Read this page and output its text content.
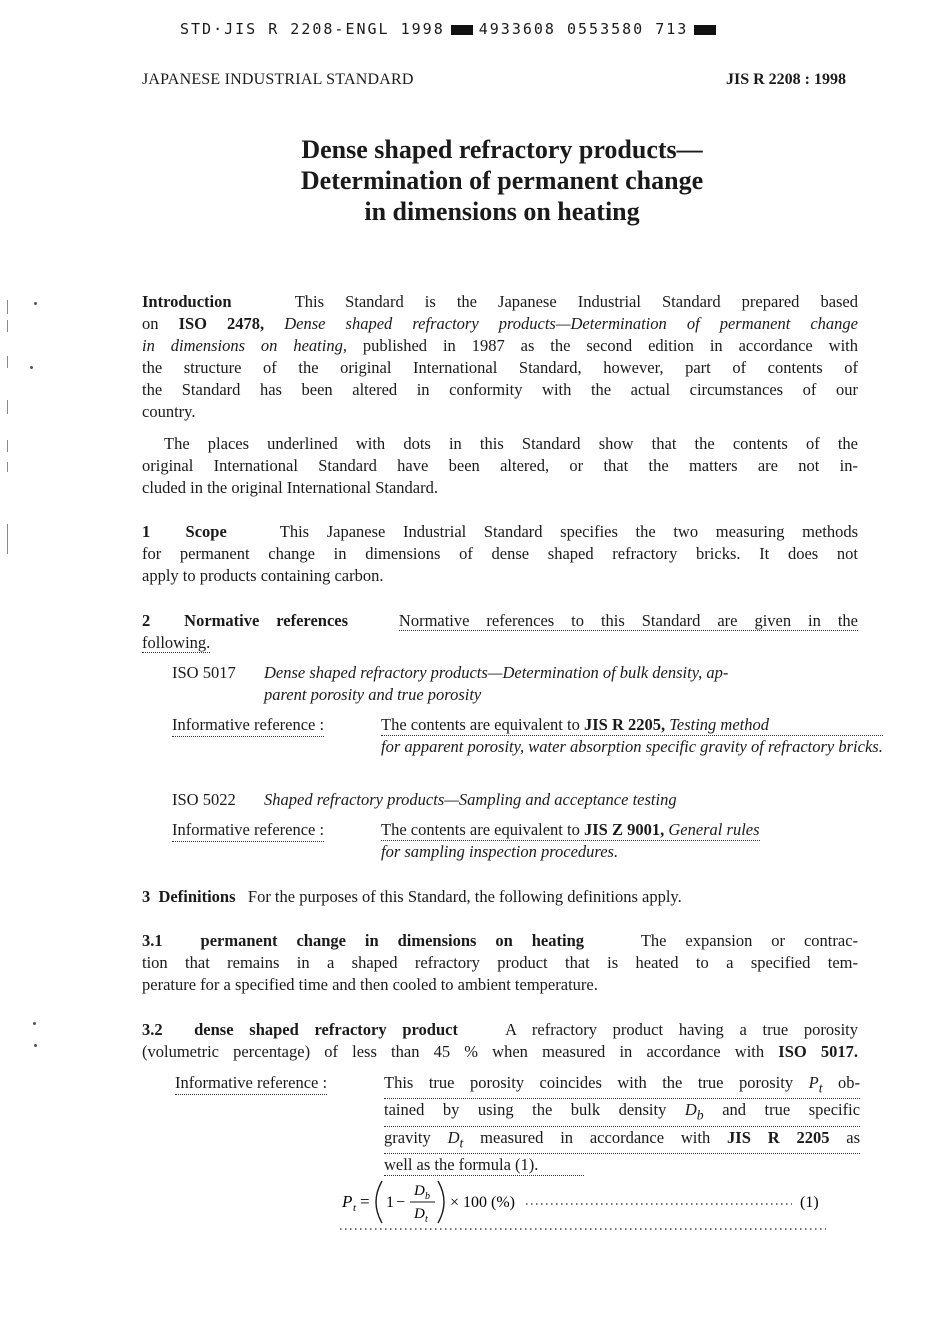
STD·JIS R 2208-ENGL 1998 4933608 0553580 713
JAPANESE INDUSTRIAL STANDARD	JIS R 2208 : 1998
Dense shaped refractory products—
Determination of permanent change
in dimensions on heating
Introduction	This Standard is the Japanese Industrial Standard prepared based
on ISO 2478, Dense shaped refractory products—Determination of permanent change
in dimensions on heating, published in 1987 as the second edition in accordance with
the structure of the original International Standard, however, part of contents of
the Standard has been altered in conformity with the actual circumstances of our
country.
The places underlined with dots in this Standard show that the contents of the
original International Standard have been altered, or that the matters are not in-
cluded in the original International Standard.
1 Scope	This Japanese Industrial Standard specifies the two measuring methods
for permanent change in dimensions of dense shaped refractory bricks. It does not
apply to products containing carbon.
2 Normative references	Normative references to this Standard are given in the
following.
ISO 5017 Dense shaped refractory products—Determination of bulk density, ap-
parent porosity and true porosity
Informative reference :	The contents are equivalent to JIS R 2205, Testing method
for apparent porosity, water absorption specific gravity of refractory bricks.
ISO 5022 Shaped refractory products—Sampling and acceptance testing
Informative reference :	The contents are equivalent to JIS Z 9001, General rules
for sampling inspection procedures.
3 Definitions For the purposes of this Standard, the following definitions apply.
3.1 permanent change in dimensions on heating	The expansion or contrac-
tion that remains in a shaped refractory product that is heated to a specified tem-
perature for a specified time and then cooled to ambient temperature.
3.2 dense shaped refractory product	A refractory product having a true porosity
(volumetric percentage) of less than 45 % when measured in accordance with ISO 5017.
Informative reference :	This true porosity coincides with the true porosity $P_t$ ob-
tained by using the bulk density $D_b$ and true specific
gravity $D_t$ measured in accordance with JIS R 2205 as
well as the formula (1).
P t = 1 −
D b
D t
× 100 (%)	(1)
